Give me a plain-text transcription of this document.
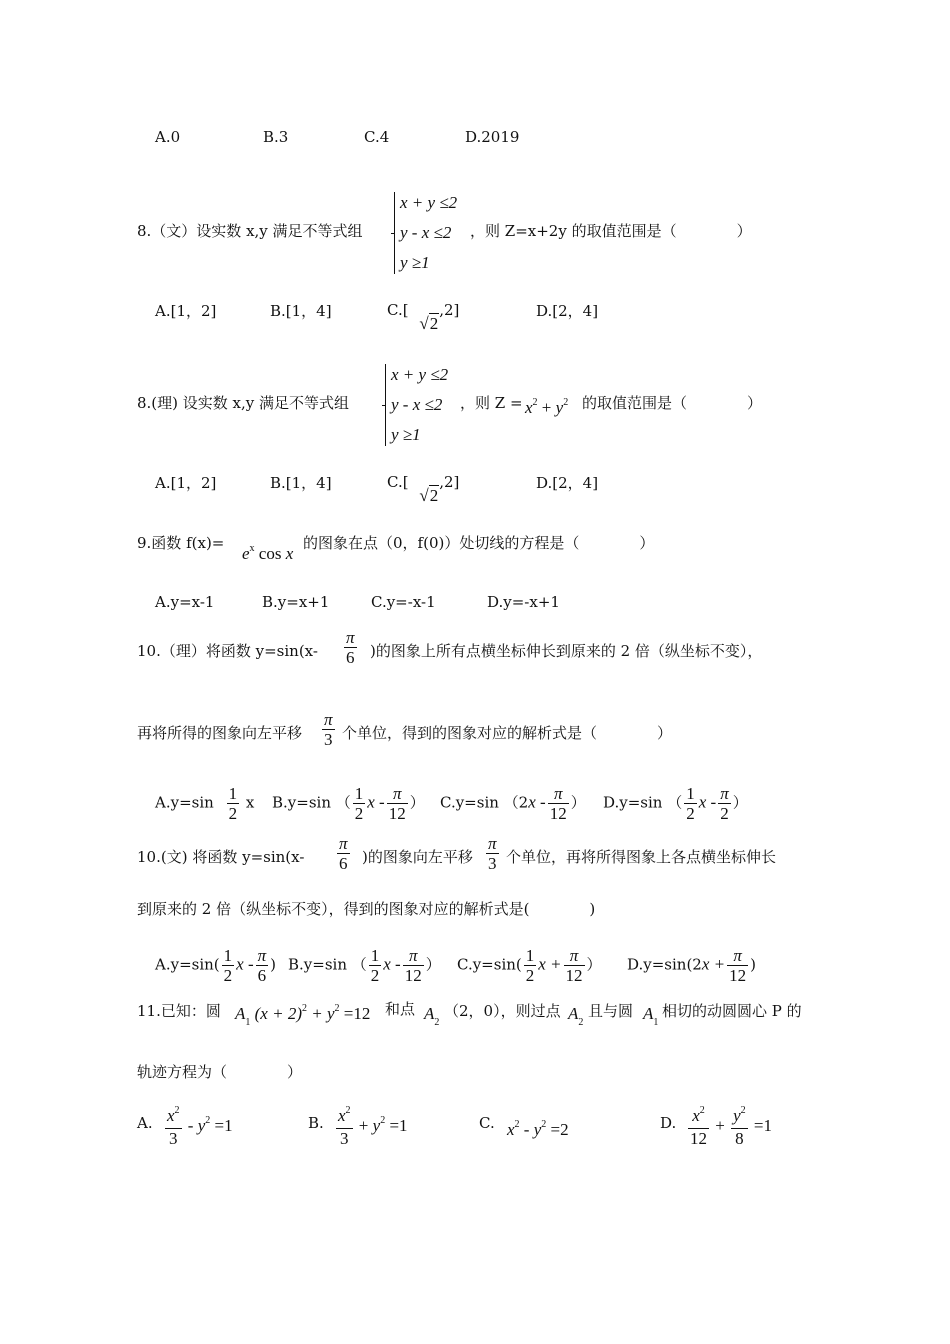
A.0	B.3	C.4	D.2019
8.（文）设实数 x,y 满足不等式组
x + y ≤2
y - x ≤2
y ≥1
，则 Z=x+2y 的取值范围是（　　　　）
A.[1，2]	B.[1，4]	C.[ √2,2]	D.[2，4]
8.(理) 设实数 x,y 满足不等式组
x + y ≤2
y - x ≤2
y ≥1
，则 $Z = x^2 + y^2$ 的取值范围是（　　　　）
A.[1，2]	B.[1，4]	C.[ √2,2]	D.[2，4]
9.函数 f(x)=
$e^x$ cos x
的图象在点（0，f(0)）处切线的方程是（　　　　）
A.y=x-1	B.y=x+1	C.y=-x-1	D.y=-x+1
10.（理）将函数 $y=\sin(x- \frac{\pi}{6}$ )的图象上所有点横坐标伸长到原来的 2 倍（纵坐标不变），
再将所得的图象向左平移 $\frac{\pi}{3}$ 个单位，得到的图象对应的解析式是（　　　　）
$A.y=\sin \frac{1}{2}$ x B.y=sin （ $\frac{1}{2}$ x - $\frac{\pi}{12}$ ） C.y=sin （$2x - \frac{\pi}{12}$ ） D.y=sin （ $\frac{1}{2}$ x - $\frac{\pi}{2}$ ）
10.(文) 将函数 $y=\sin(x- \frac{\pi}{6}$ )的图象向左平移 $\frac{\pi}{3}$ 个单位，再将所得图象上各点横坐标伸长
到原来的 2 倍（纵坐标不变），得到的图象对应的解析式是(　　　　)
$A.y=\sin( \frac{1}{2}$ x - $\frac{\pi}{6}$ ) B.y=sin （ $\frac{1}{2}$ x - $\frac{\pi}{12}$ ） $C.y=\sin( \frac{1}{2}$ $x + \frac{\pi}{12}$ ） $D.y=\sin(2x + \frac{\pi}{12}$ )
11.已知：圆 $A_1$ $(x + 2)^2 + y^2 =12$ 和点 $A_2$
（2，0），则过点 $A_2$
且与圆 $A_1$
相切的动圆圆心 P 的
轨迹方程为（　　　　）
A. $\frac{x^2}{3} - y^2 =1$	B. $\frac{x^2}{3} + y^2 =1$	C. $x^2 - y^2 =2$	D. $\frac{x^2}{12} + \frac{y^2}{8} =1$
